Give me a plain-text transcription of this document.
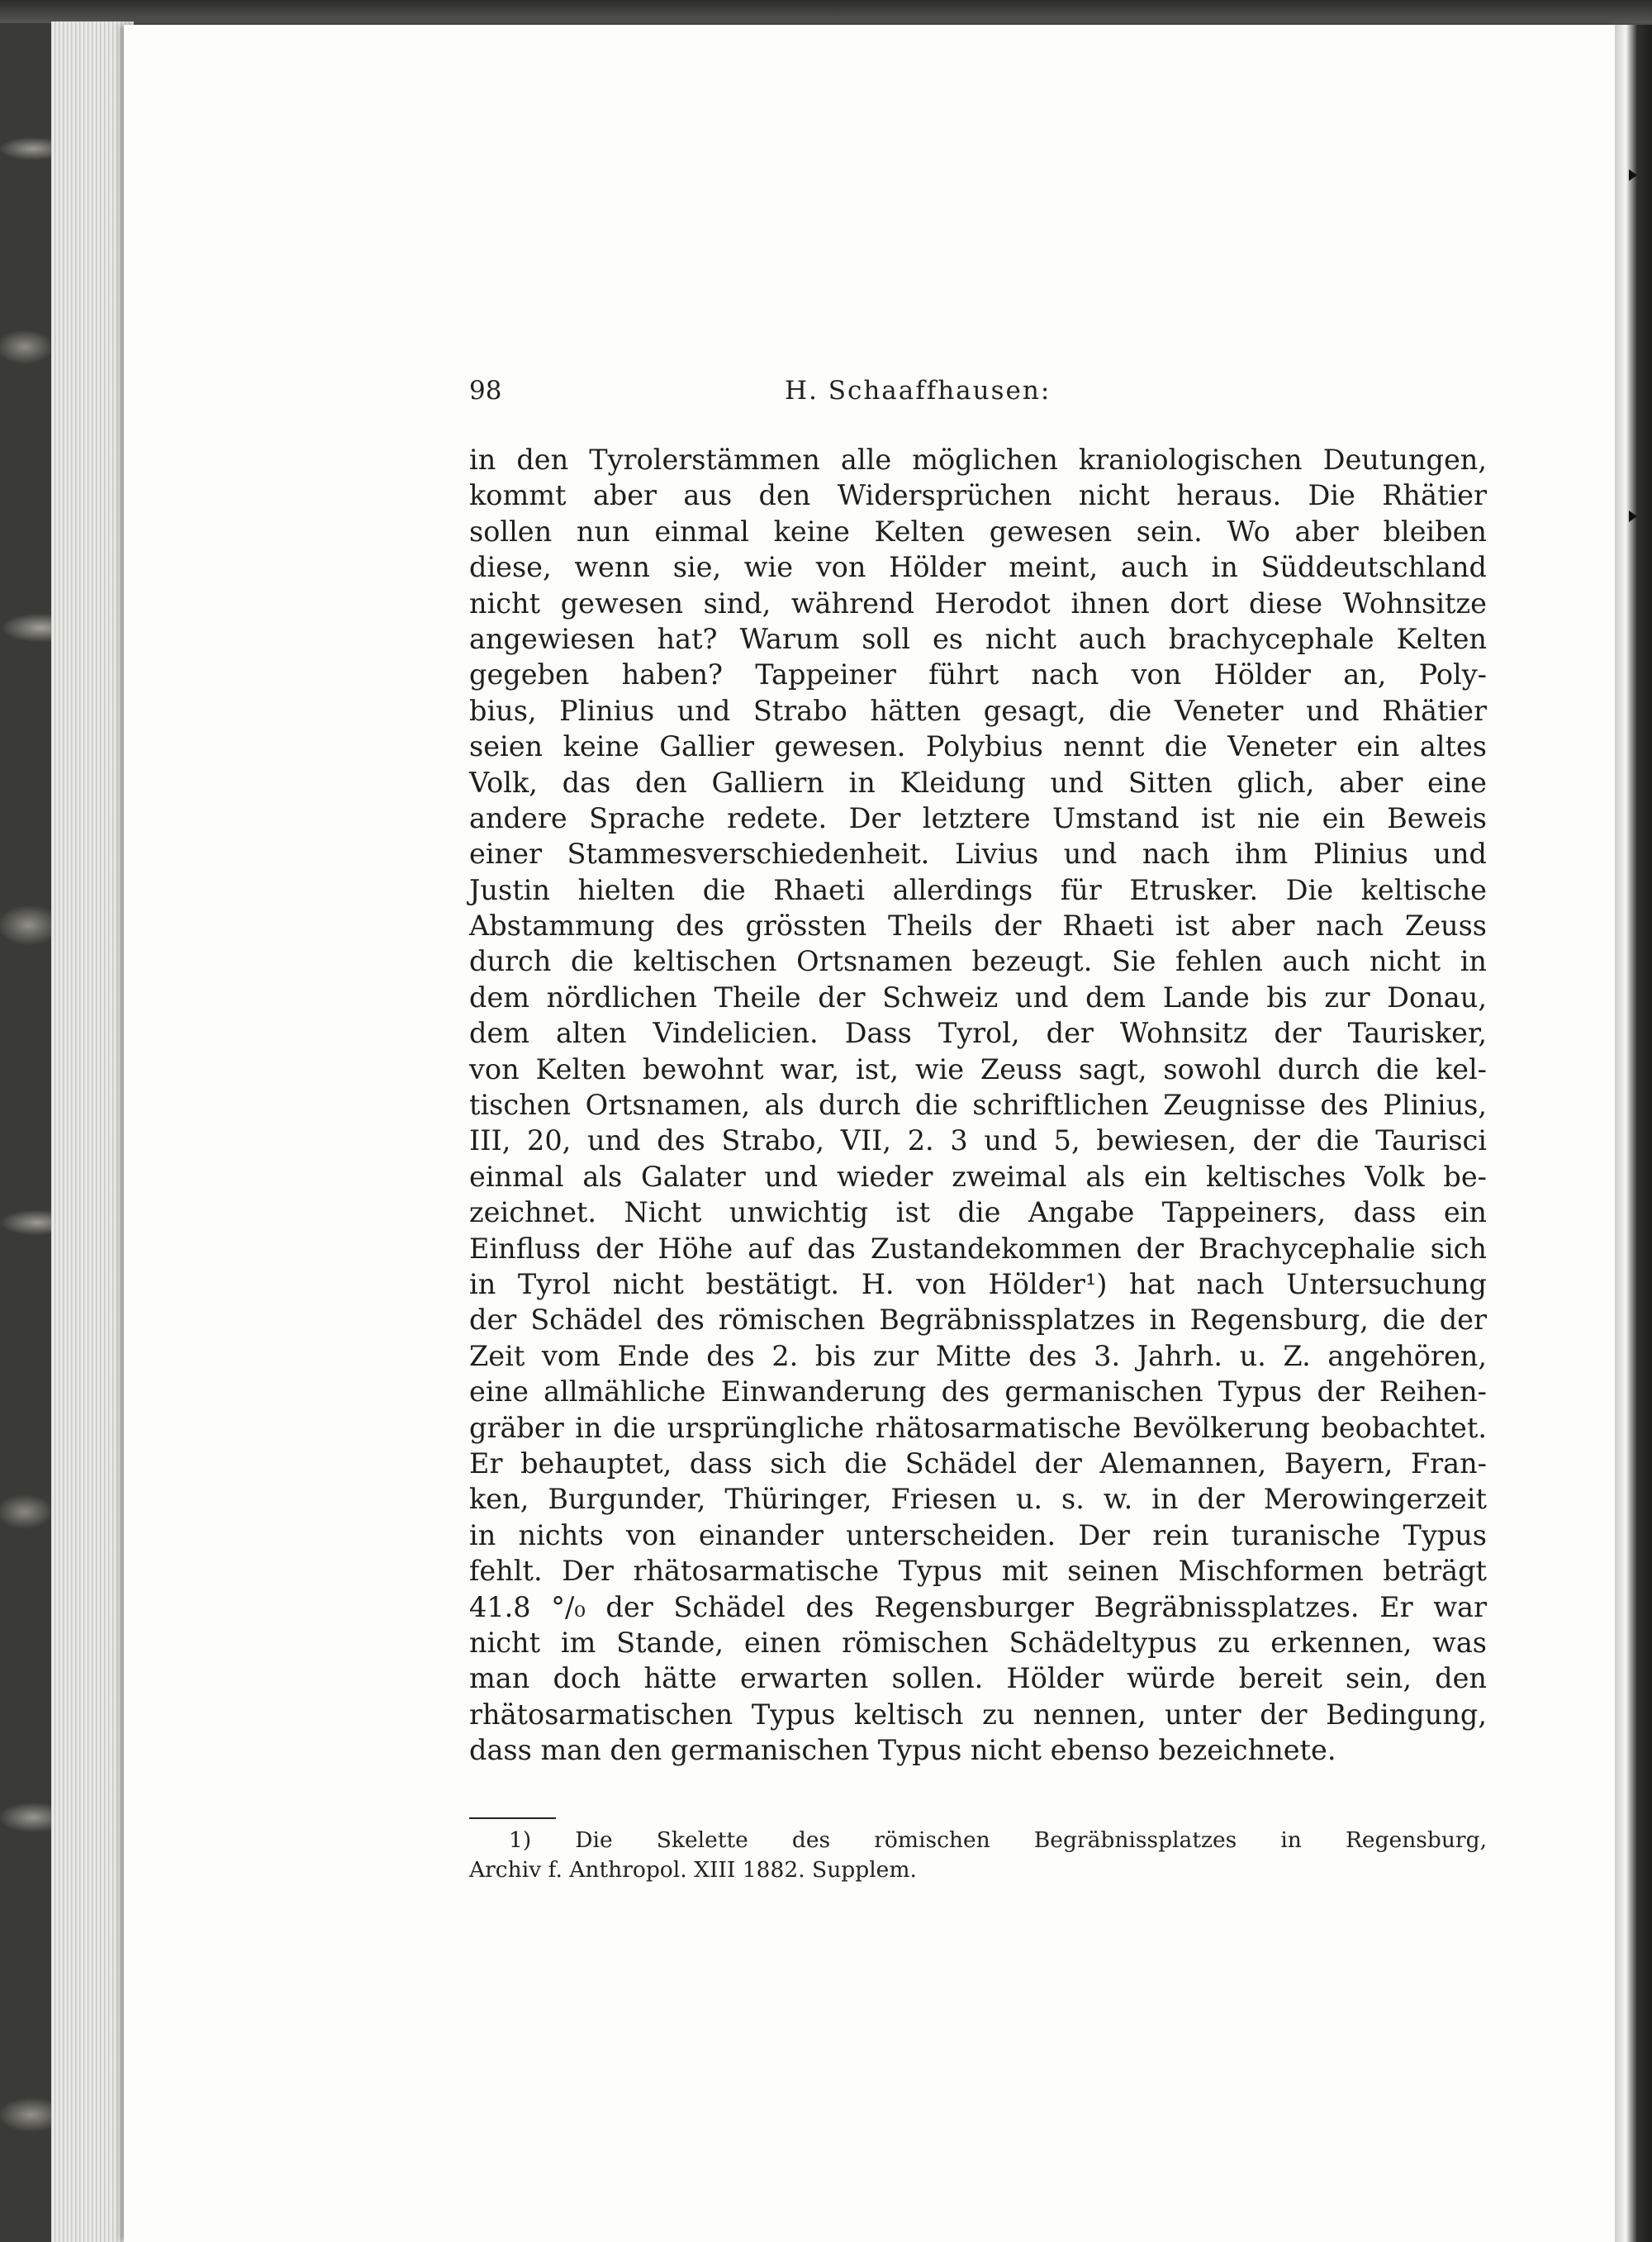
98	H. Schaaffhausen:
in den Tyrolerstämmen alle möglichen kraniologischen Deutungen,
kommt aber aus den Widersprüchen nicht heraus. Die Rhätier
sollen nun einmal keine Kelten gewesen sein. Wo aber bleiben
diese, wenn sie, wie von Hölder meint, auch in Süddeutschland
nicht gewesen sind, während Herodot ihnen dort diese Wohnsitze
angewiesen hat? Warum soll es nicht auch brachycephale Kelten
gegeben haben? Tappeiner führt nach von Hölder an, Poly-
bius, Plinius und Strabo hätten gesagt, die Veneter und Rhätier
seien keine Gallier gewesen. Polybius nennt die Veneter ein altes
Volk, das den Galliern in Kleidung und Sitten glich, aber eine
andere Sprache redete. Der letztere Umstand ist nie ein Beweis
einer Stammesverschiedenheit. Livius und nach ihm Plinius und
Justin hielten die Rhaeti allerdings für Etrusker. Die keltische
Abstammung des grössten Theils der Rhaeti ist aber nach Zeuss
durch die keltischen Ortsnamen bezeugt. Sie fehlen auch nicht in
dem nördlichen Theile der Schweiz und dem Lande bis zur Donau,
dem alten Vindelicien. Dass Tyrol, der Wohnsitz der Taurisker,
von Kelten bewohnt war, ist, wie Zeuss sagt, sowohl durch die kel-
tischen Ortsnamen, als durch die schriftlichen Zeugnisse des Plinius,
III, 20, und des Strabo, VII, 2. 3 und 5, bewiesen, der die Taurisci
einmal als Galater und wieder zweimal als ein keltisches Volk be-
zeichnet. Nicht unwichtig ist die Angabe Tappeiners, dass ein
Einfluss der Höhe auf das Zustandekommen der Brachycephalie sich
in Tyrol nicht bestätigt. H. von Hölder¹) hat nach Untersuchung
der Schädel des römischen Begräbnissplatzes in Regensburg, die der
Zeit vom Ende des 2. bis zur Mitte des 3. Jahrh. u. Z. angehören,
eine allmähliche Einwanderung des germanischen Typus der Reihen-
gräber in die ursprüngliche rhätosarmatische Bevölkerung beobachtet.
Er behauptet, dass sich die Schädel der Alemannen, Bayern, Fran-
ken, Burgunder, Thüringer, Friesen u. s. w. in der Merowingerzeit
in nichts von einander unterscheiden. Der rein turanische Typus
fehlt. Der rhätosarmatische Typus mit seinen Mischformen beträgt
41.8 °/₀ der Schädel des Regensburger Begräbnissplatzes. Er war
nicht im Stande, einen römischen Schädeltypus zu erkennen, was
man doch hätte erwarten sollen. Hölder würde bereit sein, den
rhätosarmatischen Typus keltisch zu nennen, unter der Bedingung,
dass man den germanischen Typus nicht ebenso bezeichnete.
1) Die Skelette des römischen Begräbnissplatzes in Regensburg,
Archiv f. Anthropol. XIII 1882. Supplem.
